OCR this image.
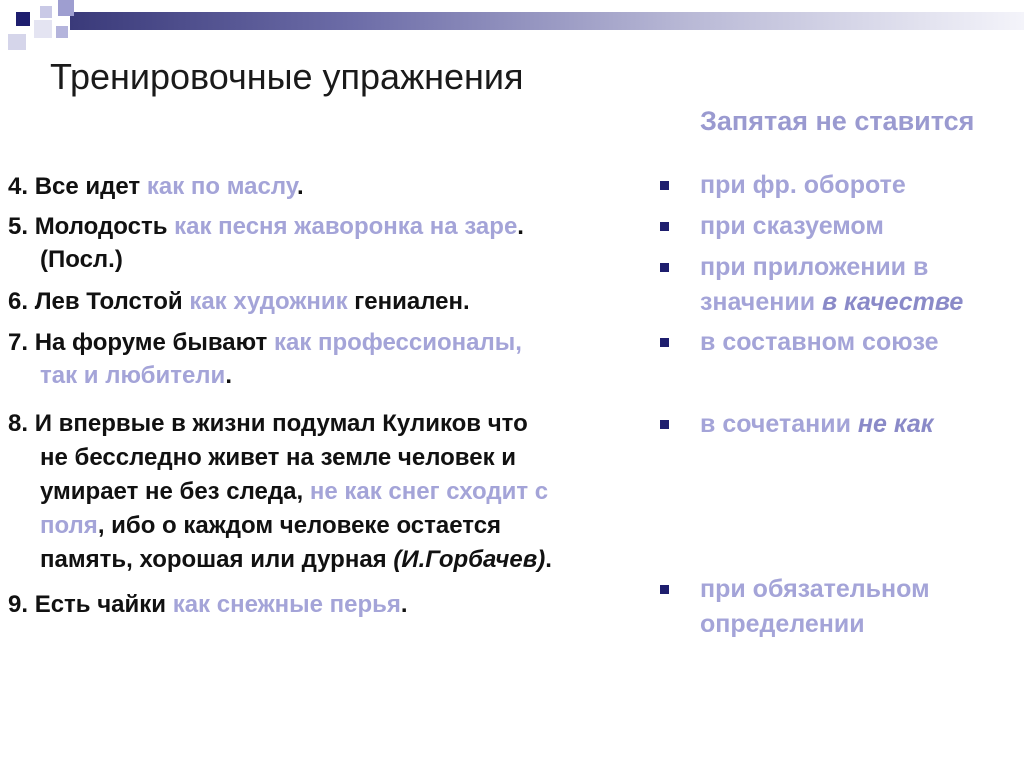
Тренировочные упражнения
Запятая не ставится
4. Все идет как по маслу.
5. Молодость как песня жаворонка на заре.
(Посл.)
6. Лев Толстой как художник гениален.
7. На форуме бывают как профессионалы,
так и любители.
8. И впервые в жизни подумал Куликов что
не бесследно живет на земле человек и
умирает не без следа, не как снег сходит с
поля, ибо о каждом человеке остается
память, хорошая или дурная (И.Горбачев).
9. Есть чайки как снежные перья.
при фр. обороте
при сказуемом
при приложении в
значении в качестве
в составном союзе
в сочетании не как
при обязательном
определении
